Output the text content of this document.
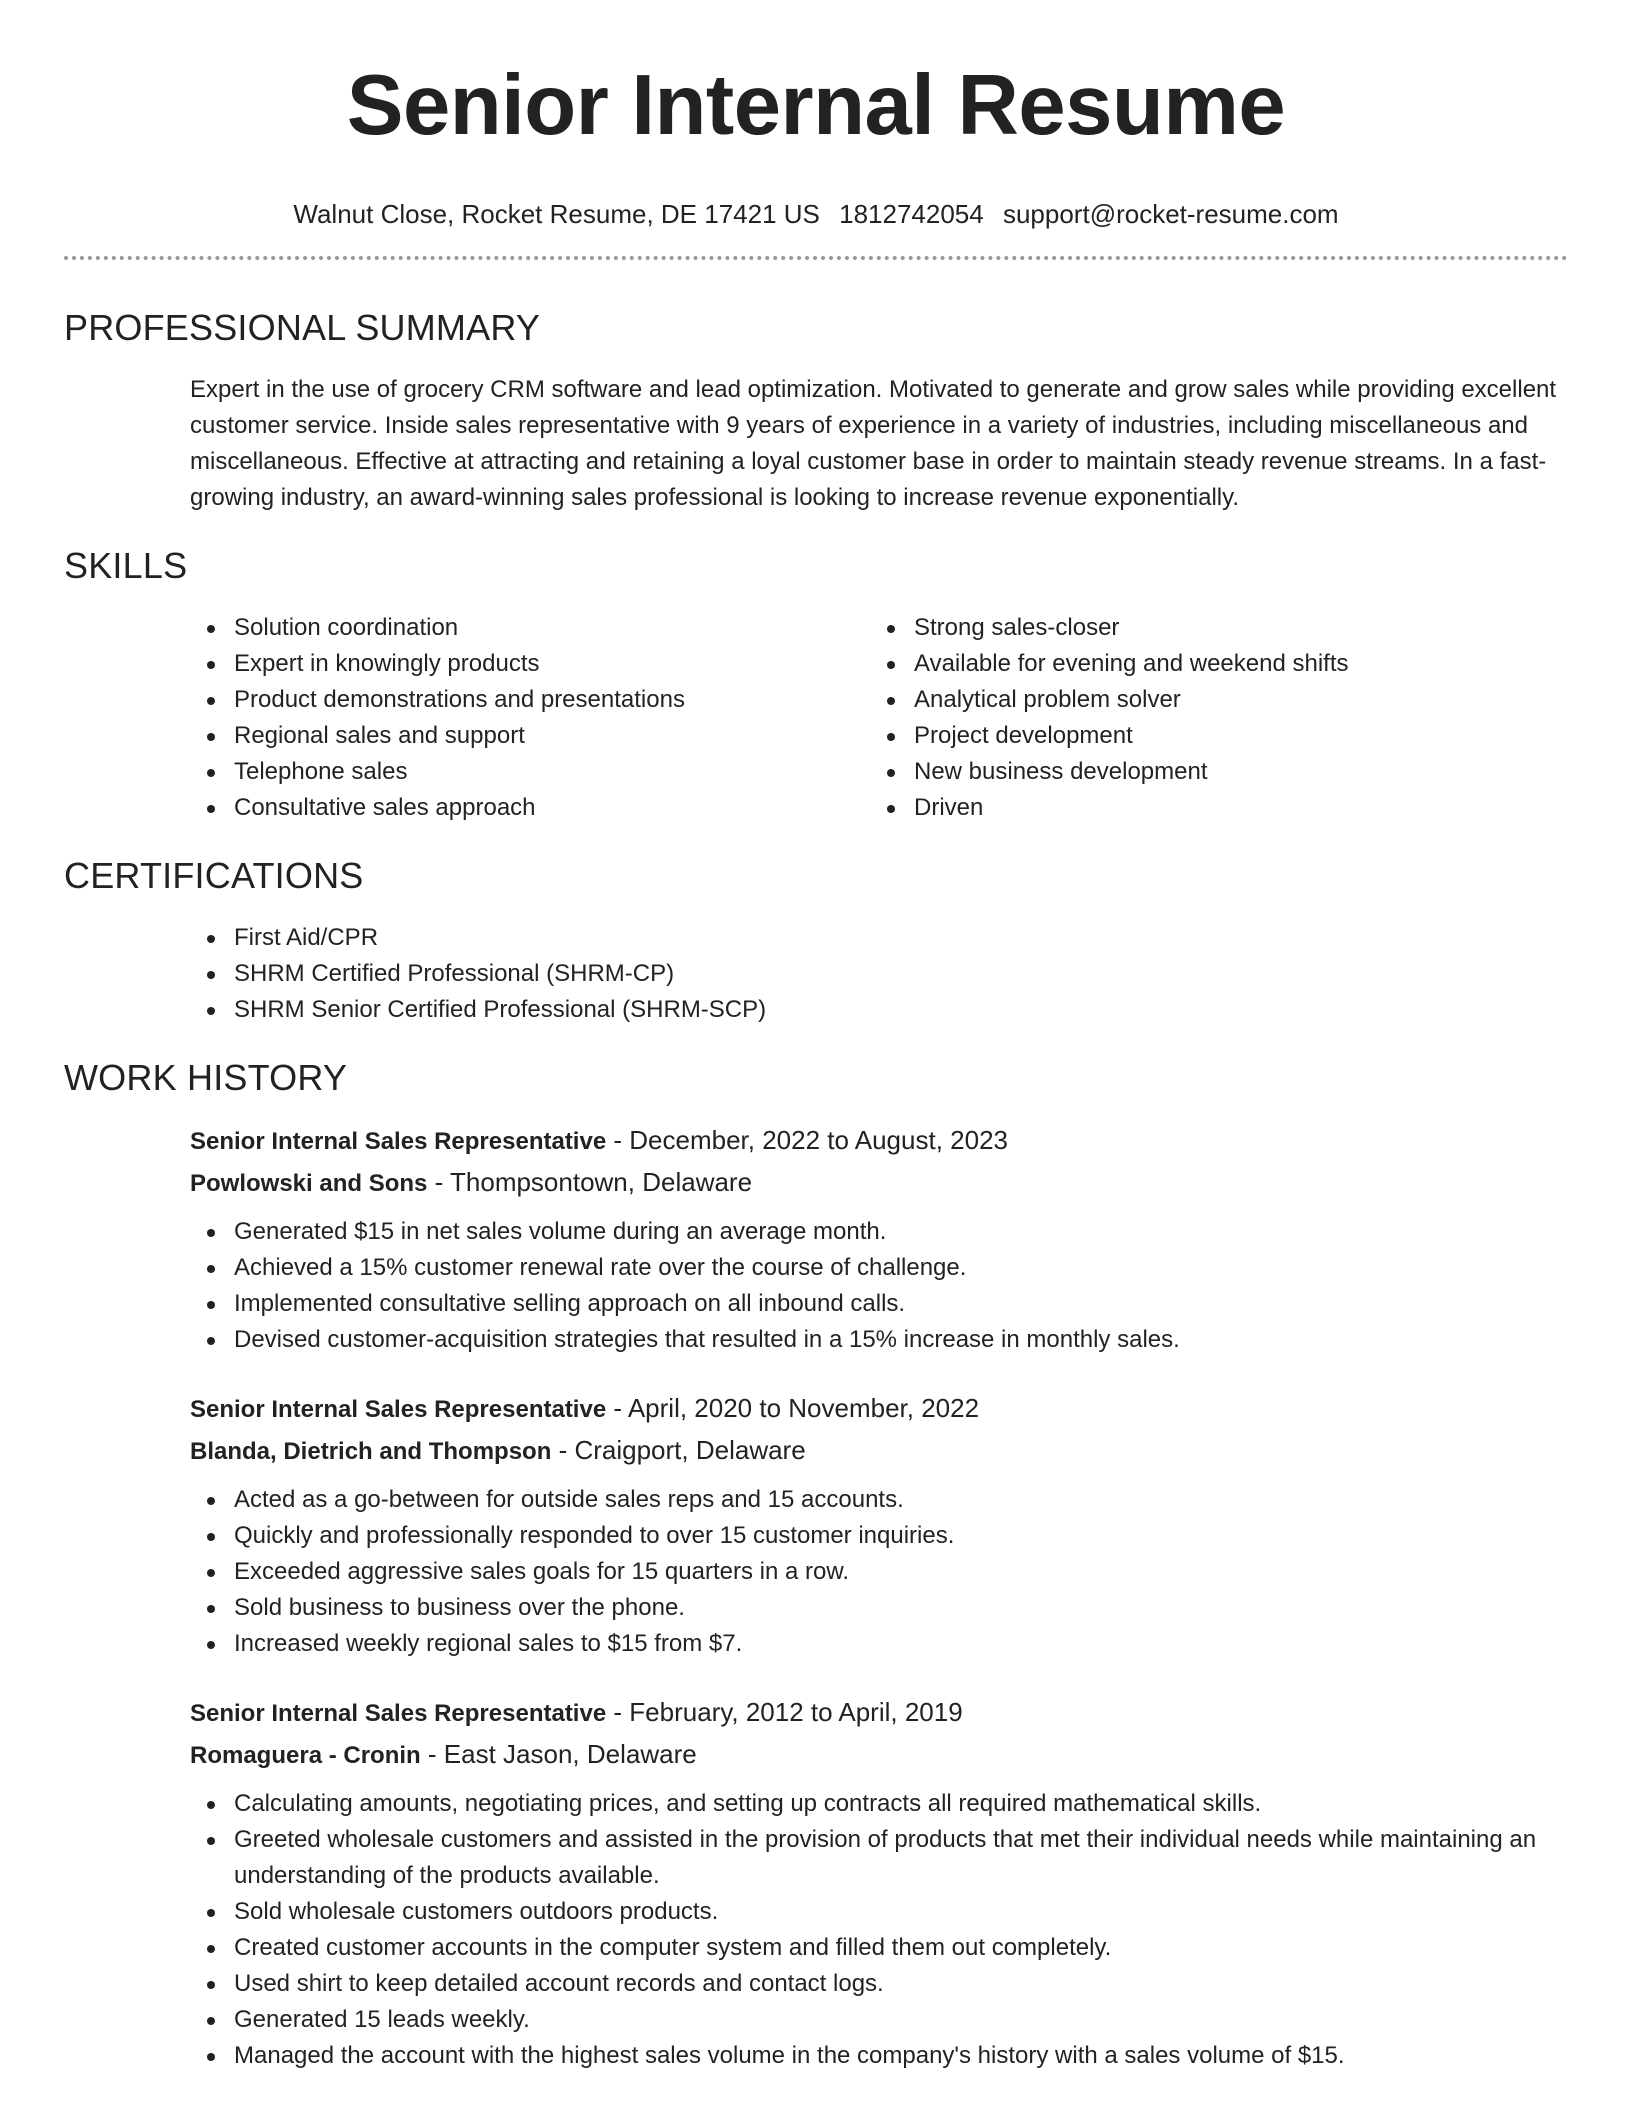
Senior Internal Resume
Walnut Close, Rocket Resume, DE 17421 US 1812742054 support@rocket-resume.com
PROFESSIONAL SUMMARY

Expert in the use of grocery CRM software and lead optimization. Motivated to generate and grow sales while providing excellent customer service. Inside sales representative with 9 years of experience in a variety of industries, including miscellaneous and miscellaneous. Effective at attracting and retaining a loyal customer base in order to maintain steady revenue streams. In a fast-growing industry, an award-winning sales professional is looking to increase revenue exponentially.

SKILLS
Solution coordination
Expert in knowingly products
Product demonstrations and presentations
Regional sales and support
Telephone sales
Consultative sales approach
Strong sales-closer
Available for evening and weekend shifts
Analytical problem solver
Project development
New business development
Driven
CERTIFICATIONS
First Aid/CPR
SHRM Certified Professional (SHRM-CP)
SHRM Senior Certified Professional (SHRM-SCP)
WORK HISTORY
Senior Internal Sales Representative - December, 2022 to August, 2023
Powlowski and Sons - Thompsontown, Delaware
Generated $15 in net sales volume during an average month.
Achieved a 15% customer renewal rate over the course of challenge.
Implemented consultative selling approach on all inbound calls.
Devised customer-acquisition strategies that resulted in a 15% increase in monthly sales.
Senior Internal Sales Representative - April, 2020 to November, 2022
Blanda, Dietrich and Thompson - Craigport, Delaware
Acted as a go-between for outside sales reps and 15 accounts.
Quickly and professionally responded to over 15 customer inquiries.
Exceeded aggressive sales goals for 15 quarters in a row.
Sold business to business over the phone.
Increased weekly regional sales to $15 from $7.
Senior Internal Sales Representative - February, 2012 to April, 2019
Romaguera - Cronin - East Jason, Delaware
Calculating amounts, negotiating prices, and setting up contracts all required mathematical skills.
Greeted wholesale customers and assisted in the provision of products that met their individual needs while maintaining an understanding of the products available.
Sold wholesale customers outdoors products.
Created customer accounts in the computer system and filled them out completely.
Used shirt to keep detailed account records and contact logs.
Generated 15 leads weekly.
Managed the account with the highest sales volume in the company's history with a sales volume of $15.
